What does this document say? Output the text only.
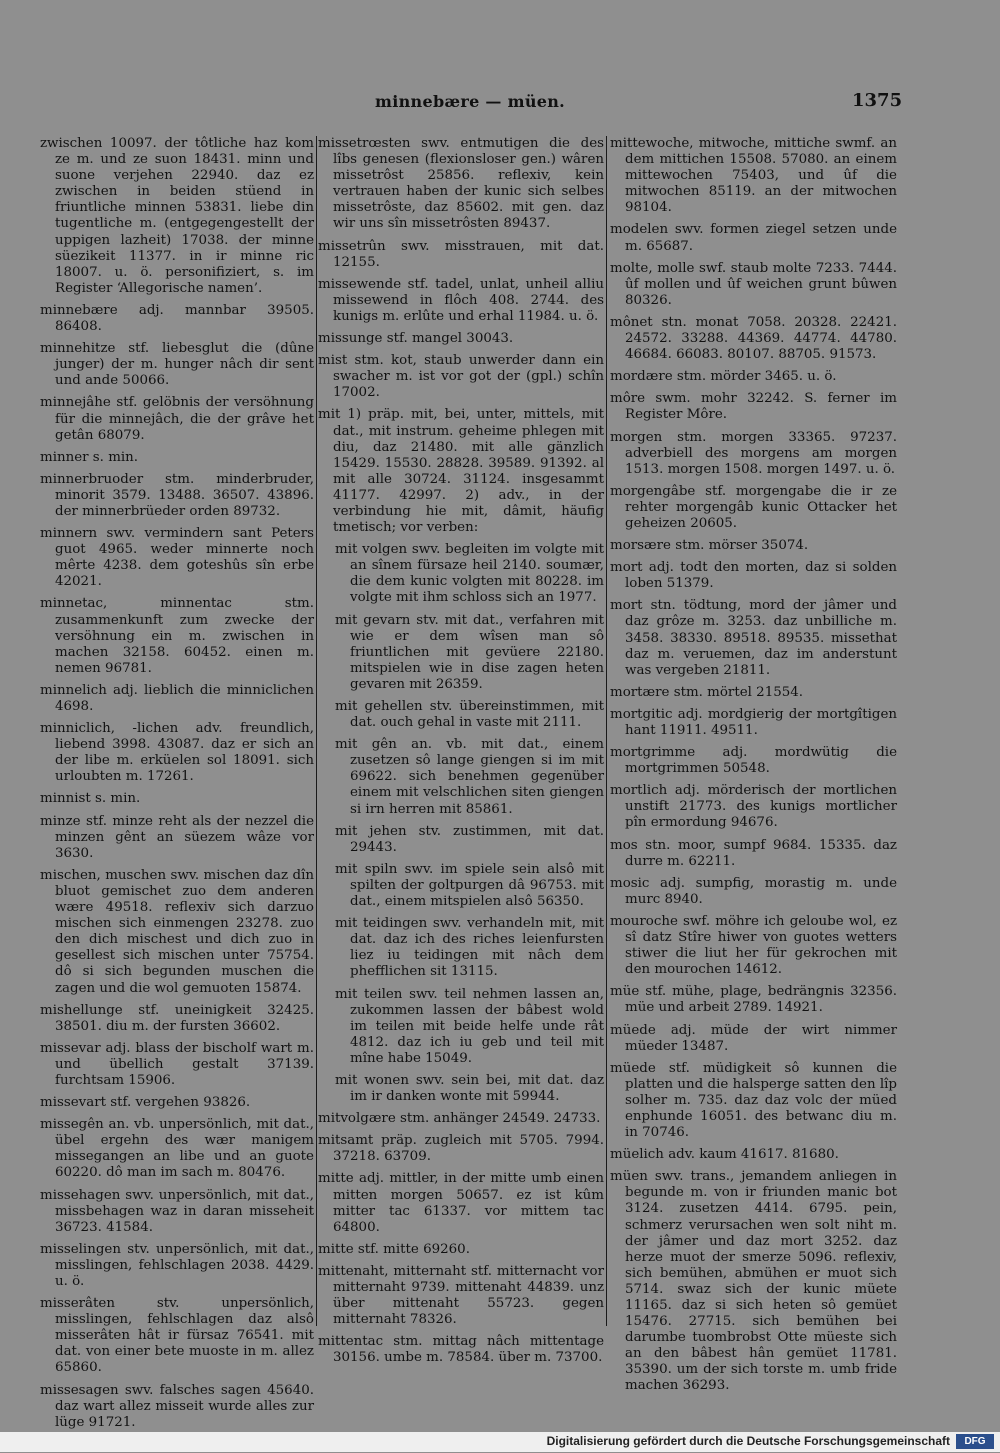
minnebære — müen.	1375

zwischen 10097. der tôtliche haz kom ze m. und ze suon 18431. minn und suone verjehen 22940. daz ez zwischen in beiden stüend in friuntliche minnen 53831. liebe din tugentliche m. (entgegengestellt der uppigen lazheit) 17038. der minne süezikeit 11377. in ir minne ric 18007. u. ö. personifiziert, s. im Register ‘Allegorische namen’.

minnebære adj. mannbar 39505. 86408.

minnehitze stf. liebesglut die (dûne junger) der m. hunger nâch dir sent und ande 50066.

minnejâhe stf. gelöbnis der versöhnung für die minnejâch, die der grâve het getân 68079.

minner s. min.

minnerbruoder stm. minderbruder, minorit 3579. 13488. 36507. 43896. der minnerbrüeder orden 89732.

minnern swv. vermindern sant Peters guot 4965. weder minnerte noch mêrte 4238. dem goteshûs sîn erbe 42021.

minnetac, minnentac stm. zusammenkunft zum zwecke der versöhnung ein m. zwischen in machen 32158. 60452. einen m. nemen 96781.

minnelich adj. lieblich die minniclichen 4698.

minniclich, -lichen adv. freundlich, liebend 3998. 43087. daz er sich an der libe m. erküelen sol 18091. sich urloubten m. 17261.

minnist s. min.

minze stf. minze reht als der nezzel die minzen gênt an süezem wâze vor 3630.

mischen, muschen swv. mischen daz dîn bluot gemischet zuo dem anderen wære 49518. reflexiv sich darzuo mischen sich einmengen 23278. zuo den dich mischest und dich zuo in gesellest sich mischen unter 75754. dô si sich begunden muschen die zagen und die wol gemuoten 15874.

mishellunge stf. uneinigkeit 32425. 38501. diu m. der fursten 36602.

missevar adj. blass der bischolf wart m. und übellich gestalt 37139. furchtsam 15906.

missevart stf. vergehen 93826.

missegên an. vb. unpersönlich, mit dat., übel ergehn des wær manigem missegangen an libe und an guote 60220. dô man im sach m. 80476.

missehagen swv. unpersönlich, mit dat., missbehagen waz in daran misseheit 36723. 41584.

misselingen stv. unpersönlich, mit dat., misslingen, fehlschlagen 2038. 4429. u. ö.

misserâten stv. unpersönlich, misslingen, fehlschlagen daz alsô misserâten hât ir fürsaz 76541. mit dat. von einer bete muoste in m. allez 65860.

missesagen swv. falsches sagen 45640. daz wart allez misseit wurde alles zur lüge 91721.

missetrœsten swv. entmutigen die des lîbs genesen (flexionsloser gen.) wâren missetrôst 25856. reflexiv, kein vertrauen haben der kunic sich selbes missetrôste, daz 85602. mit gen. daz wir uns sîn missetrôsten 89437.

missetrûn swv. misstrauen, mit dat. 12155.

missewende stf. tadel, unlat, unheil alliu missewend in flôch 408. 2744. des kunigs m. erlûte und erhal 11984. u. ö.

missunge stf. mangel 30043.

mist stm. kot, staub unwerder dann ein swacher m. ist vor got der (gpl.) schîn 17002.

mit 1) präp. mit, bei, unter, mittels, mit dat., mit instrum. geheime phlegen mit diu, daz 21480. mit alle gänzlich 15429. 15530. 28828. 39589. 91392. al mit alle 30724. 31124. insgesammt 41177. 42997. 2) adv., in der verbindung hie mit, dâmit, häufig tmetisch; vor verben:

mit volgen swv. begleiten im volgte mit an sînem fürsaze heil 2140. soumær, die dem kunic volgten mit 80228. im volgte mit ihm schloss sich an 1977.

mit gevarn stv. mit dat., verfahren mit wie er dem wîsen man sô friuntlichen mit gevüere 22180. mitspielen wie in dise zagen heten gevaren mit 26359.

mit gehellen stv. übereinstimmen, mit dat. ouch gehal in vaste mit 2111.

mit gên an. vb. mit dat., einem zusetzen sô lange giengen si im mit 69622. sich benehmen gegenüber einem mit velschlichen siten giengen si irn herren mit 85861.

mit jehen stv. zustimmen, mit dat. 29443.

mit spiln swv. im spiele sein alsô mit spilten der goltpurgen dâ 96753. mit dat., einem mitspielen alsô 56350.

mit teidingen swv. verhandeln mit, mit dat. daz ich des riches leienfursten liez iu teidingen mit nâch dem phefflichen sit 13115.

mit teilen swv. teil nehmen lassen an, zukommen lassen der bâbest wold im teilen mit beide helfe unde rât 4812. daz ich iu geb und teil mit mîne habe 15049.

mit wonen swv. sein bei, mit dat. daz im ir danken wonte mit 59944.

mitvolgære stm. anhänger 24549. 24733.

mitsamt präp. zugleich mit 5705. 7994. 37218. 63709.

mitte adj. mittler, in der mitte umb einen mitten morgen 50657. ez ist kûm mitter tac 61337. vor mittem tac 64800.

mitte stf. mitte 69260.

mittenaht, mitternaht stf. mitternacht vor mitternaht 9739. mittenaht 44839. unz über mittenaht 55723. gegen mitternaht 78326.

mittentac stm. mittag nâch mittentage 30156. umbe m. 78584. über m. 73700.

mittewoche, mitwoche, mittiche swmf. an dem mittichen 15508. 57080. an einem mittewochen 75403, und ûf die mitwochen 85119. an der mitwochen 98104.

modelen swv. formen ziegel setzen unde m. 65687.

molte, molle swf. staub molte 7233. 7444. ûf mollen und ûf weichen grunt bûwen 80326.

mônet stn. monat 7058. 20328. 22421. 24572. 33288. 44369. 44774. 44780. 46684. 66083. 80107. 88705. 91573.

mordære stm. mörder 3465. u. ö.

môre swm. mohr 32242. S. ferner im Register Môre.

morgen stm. morgen 33365. 97237. adverbiell des morgens am morgen 1513. morgen 1508. morgen 1497. u. ö.

morgengâbe stf. morgengabe die ir ze rehter morgengâb kunic Ottacker het geheizen 20605.

morsære stm. mörser 35074.

mort adj. todt den morten, daz si solden loben 51379.

mort stn. tödtung, mord der jâmer und daz grôze m. 3253. daz unbilliche m. 3458. 38330. 89518. 89535. missethat daz m. veruemen, daz im anderstunt was vergeben 21811.

mortære stm. mörtel 21554.

mortgitic adj. mordgierig der mortgîtigen hant 11911. 49511.

mortgrimme adj. mordwütig die mortgrimmen 50548.

mortlich adj. mörderisch der mortlichen unstift 21773. des kunigs mortlicher pîn ermordung 94676.

mos stn. moor, sumpf 9684. 15335. daz durre m. 62211.

mosic adj. sumpfig, morastig m. unde murc 8940.

mouroche swf. möhre ich geloube wol, ez sî datz Stîre hiwer von guotes wetters stiwer die liut her für gekrochen mit den mourochen 14612.

müe stf. mühe, plage, bedrängnis 32356. müe und arbeit 2789. 14921.

müede adj. müde der wirt nimmer müeder 13487.

müede stf. müdigkeit sô kunnen die platten und die halsperge satten den lîp solher m. 735. daz daz volc der müed enphunde 16051. des betwanc diu m. in 70746.

müelich adv. kaum 41617. 81680.

müen swv. trans., jemandem anliegen in begunde m. von ir friunden manic bot 3124. zusetzen 4414. 6795. pein, schmerz verursachen wen solt niht m. der jâmer und daz mort 3252. daz herze muot der smerze 5096. reflexiv, sich bemühen, abmühen er muot sich 5714. swaz sich der kunic müete 11165. daz si sich heten sô gemüet 15476. 27715. sich bemühen bei darumbe tuombrobst Otte müeste sich an den bâbest hân gemüet 11781. 35390. um der sich torste m. umb fride machen 36293.

Digitalisierung gefördert durch die Deutsche Forschungsgemeinschaft	DFG
